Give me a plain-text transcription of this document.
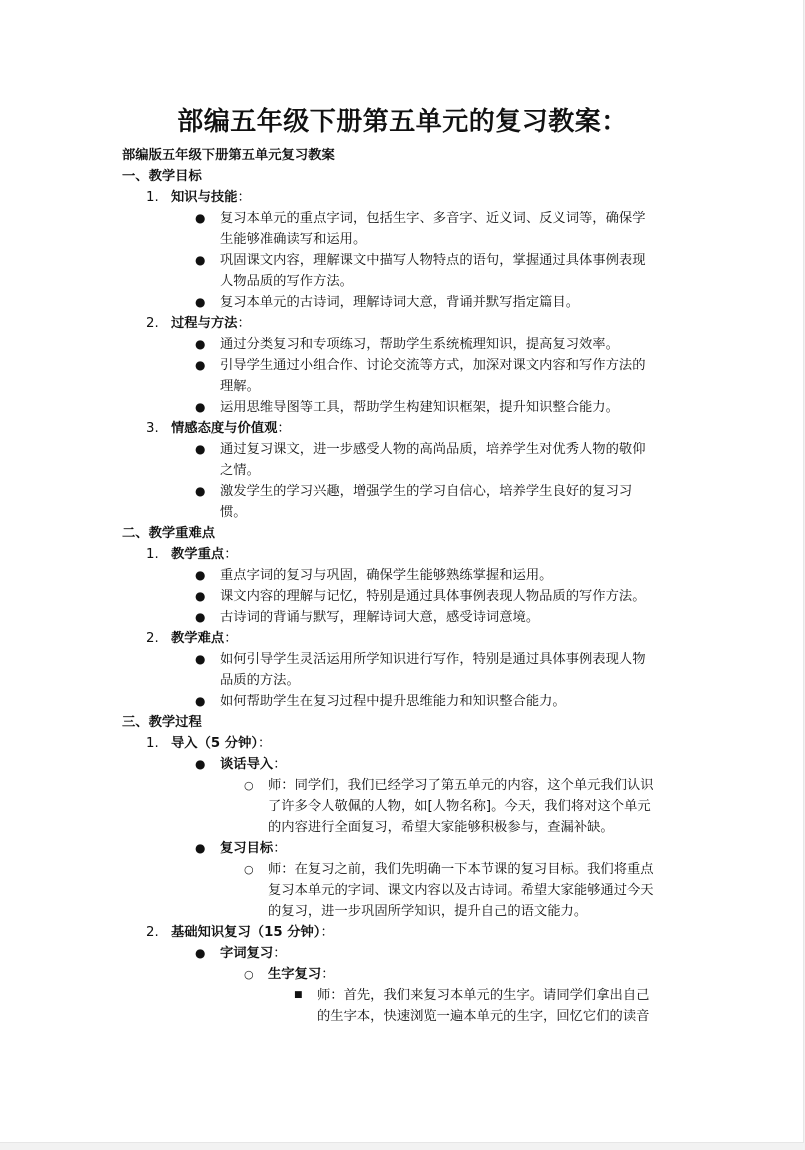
部编五年级下册第五单元的复习教案：
部编版五年级下册第五单元复习教案
一、教学目标
1. 知识与技能：
● 复习本单元的重点字词，包括生字、多音字、近义词、反义词等，确保学
生能够准确读写和运用。
● 巩固课文内容，理解课文中描写人物特点的语句，掌握通过具体事例表现
人物品质的写作方法。
● 复习本单元的古诗词，理解诗词大意，背诵并默写指定篇目。
2. 过程与方法：
● 通过分类复习和专项练习，帮助学生系统梳理知识，提高复习效率。
● 引导学生通过小组合作、讨论交流等方式，加深对课文内容和写作方法的
理解。
● 运用思维导图等工具，帮助学生构建知识框架，提升知识整合能力。
3. 情感态度与价值观：
● 通过复习课文，进一步感受人物的高尚品质，培养学生对优秀人物的敬仰
之情。
● 激发学生的学习兴趣，增强学生的学习自信心，培养学生良好的复习习
惯。
二、教学重难点
1. 教学重点：
● 重点字词的复习与巩固，确保学生能够熟练掌握和运用。
● 课文内容的理解与记忆，特别是通过具体事例表现人物品质的写作方法。
● 古诗词的背诵与默写，理解诗词大意，感受诗词意境。
2. 教学难点：
● 如何引导学生灵活运用所学知识进行写作，特别是通过具体事例表现人物
品质的方法。
● 如何帮助学生在复习过程中提升思维能力和知识整合能力。
三、教学过程
1. 导入（5 分钟）：
● 谈话导入：
○ 师：同学们，我们已经学习了第五单元的内容，这个单元我们认识
了许多令人敬佩的人物，如[人物名称]。今天，我们将对这个单元
的内容进行全面复习，希望大家能够积极参与，查漏补缺。
● 复习目标：
○ 师：在复习之前，我们先明确一下本节课的复习目标。我们将重点
复习本单元的字词、课文内容以及古诗词。希望大家能够通过今天
的复习，进一步巩固所学知识，提升自己的语文能力。
2. 基础知识复习（15 分钟）：
● 字词复习：
○ 生字复习：
■ 师：首先，我们来复习本单元的生字。请同学们拿出自己
的生字本，快速浏览一遍本单元的生字，回忆它们的读音
